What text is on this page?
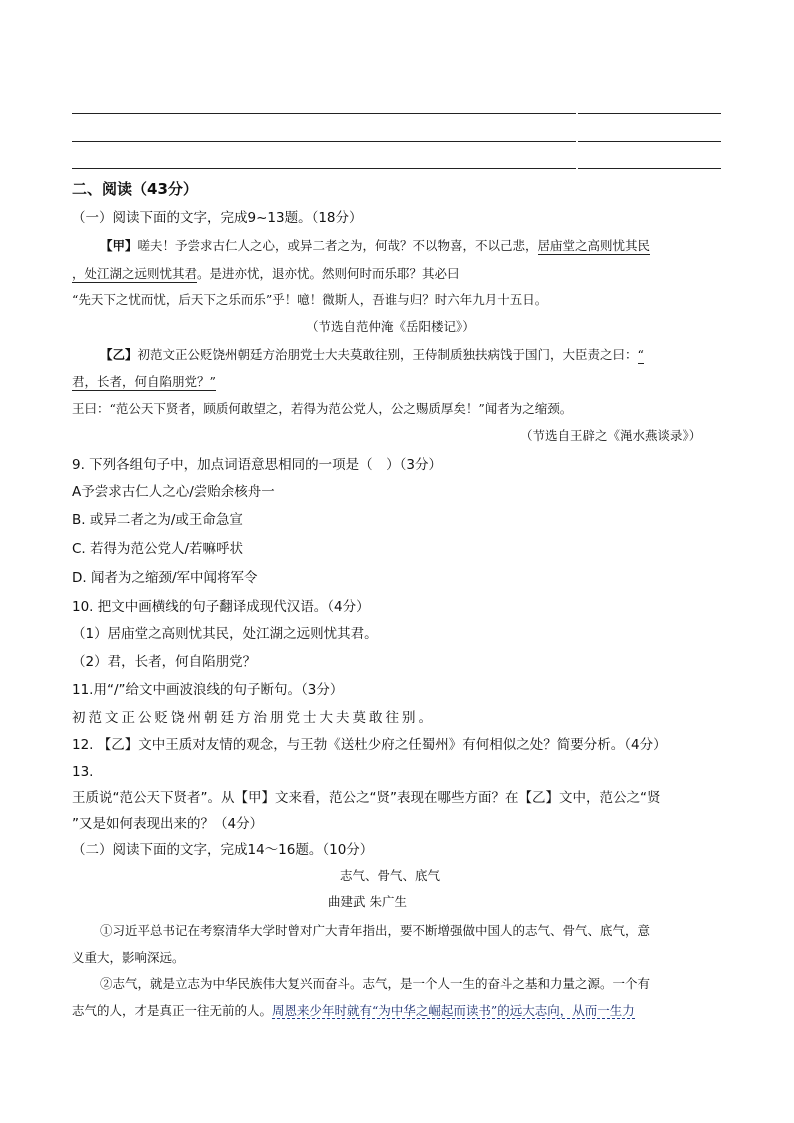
二、阅读（43分）
（一）阅读下面的文字，完成9~13题。（18分）
【甲】嗟夫！予尝求古仁人之心，或异二者之为，何哉？不以物喜，不以己悲，居庙堂之高则忧其民
，处江湖之远则忧其君。是进亦忧，退亦忧。然则何时而乐耶？其必曰
“先天下之忧而忧，后天下之乐而乐”乎！噫！微斯人，吾谁与归？时六年九月十五日。
（节选自范仲淹《岳阳楼记》）
【乙】初范文正公贬饶州朝廷方治朋党士大夫莫敢往别，王侍制质独扶病饯于国门，大臣责之曰：“
君，长者，何自陷朋党？”
王曰：“范公天下贤者，顾质何敢望之，若得为范公党人，公之赐质厚矣！”闻者为之缩颈。
（节选自王辟之《渑水燕谈录》）
9. 下列各组句子中，加点词语意思相同的一项是（　）（3分）
A予尝求古仁人之心/尝贻余核舟一
B. 或异二者之为/或王命急宣
C. 若得为范公党人/若嘛呼状
D. 闻者为之缩颈/军中闻将军令
10. 把文中画横线的句子翻译成现代汉语。（4分）
（1）居庙堂之高则忧其民，处江湖之远则忧其君。
（2）君，长者，何自陷朋党？
11.用“/”给文中画波浪线的句子断句。（3分）
初范文正公贬饶州朝廷方治朋党士大夫莫敢往别。
12. 【乙】文中王质对友情的观念，与王勃《送杜少府之任蜀州》有何相似之处？简要分析。（4分）
13.
王质说“范公天下贤者”。从【甲】文来看，范公之“贤”表现在哪些方面？在【乙】文中，范公之“贤
”又是如何表现出来的？（4分）
（二）阅读下面的文字，完成14～16题。（10分）
志气、骨气、底气
曲建武 朱广生
①习近平总书记在考察清华大学时曾对广大青年指出，要不断增强做中国人的志气、骨气、底气，意
义重大，影响深远。
②志气，就是立志为中华民族伟大复兴而奋斗。志气，是一个人一生的奋斗之基和力量之源。一个有
志气的人，才是真正一往无前的人。周恩来少年时就有“为中华之崛起而读书”的远大志向，从而一生力
